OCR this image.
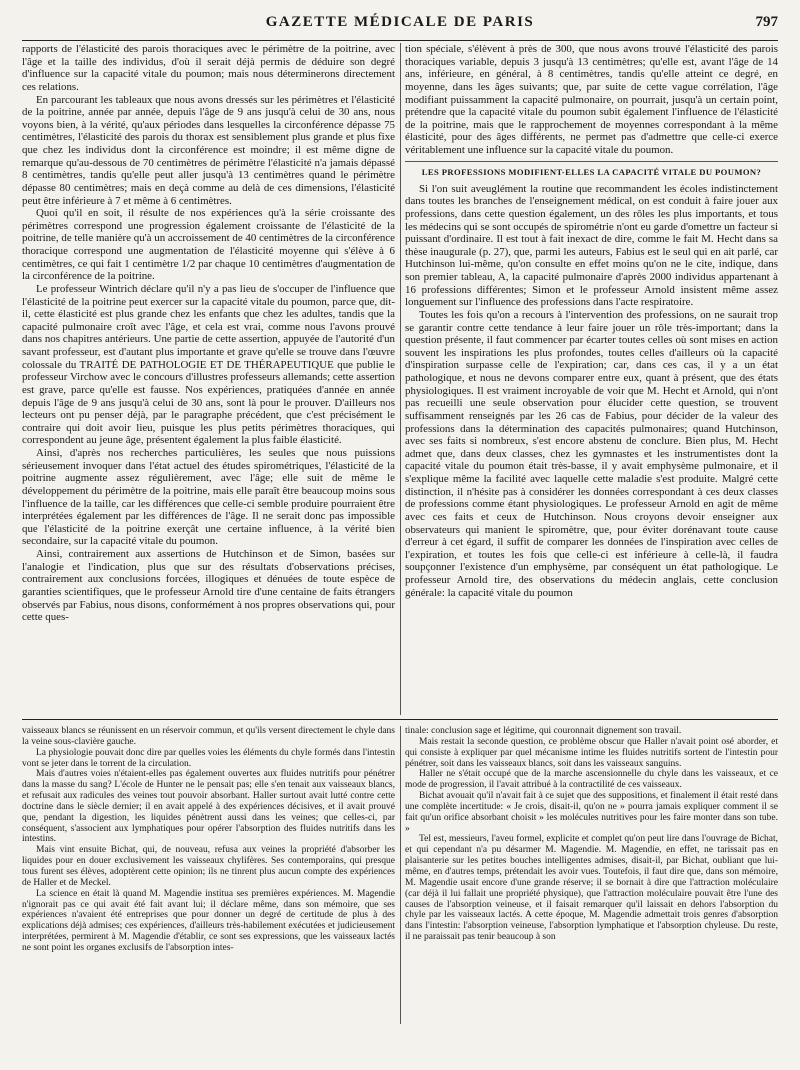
GAZETTE MÉDICALE DE PARIS	797

rapports de l'élasticité des parois thoraciques avec le périmètre de la poitrine, avec l'âge et la taille des individus, d'où il serait déjà permis de déduire son degré d'influence sur la capacité vitale du poumon; mais nous déterminerons directement ces relations.

En parcourant les tableaux que nous avons dressés sur les périmètres et l'élasticité de la poitrine, année par année, depuis l'âge de 9 ans jusqu'à celui de 30 ans, nous voyons bien, à la vérité, qu'aux périodes dans lesquelles la circonférence dépasse 75 centimètres, l'élasticité des parois du thorax est sensiblement plus grande et plus fixe que chez les individus dont la circonférence est moindre; il est même digne de remarque qu'au-dessous de 70 centimètres de périmètre l'élasticité n'a jamais dépassé 8 centimètres, tandis qu'elle peut aller jusqu'à 13 centimètres quand le périmètre dépasse 80 centimètres; mais en deçà comme au delà de ces dimensions, l'élasticité peut être inférieure à 7 et même à 6 centimètres.

Quoi qu'il en soit, il résulte de nos expériences qu'à la série croissante des périmètres correspond une progression également croissante de l'élasticité de la poitrine, de telle manière qu'à un accroissement de 40 centimètres de la circonférence thoracique correspond une augmentation de l'élasticité moyenne qui s'élève à 6 centimètres, ce qui fait 1 centimètre 1/2 par chaque 10 centimètres d'augmentation de la circonférence de la poitrine.

Le professeur Wintrich déclare qu'il n'y a pas lieu de s'occuper de l'influence que l'élasticité de la poitrine peut exercer sur la capacité vitale du poumon, parce que, dit-il, cette élasticité est plus grande chez les enfants que chez les adultes, tandis que la capacité pulmonaire croît avec l'âge, et cela est vrai, comme nous l'avons prouvé dans nos chapitres antérieurs. Une partie de cette assertion, appuyée de l'autorité d'un savant professeur, est d'autant plus importante et grave qu'elle se trouve dans l'œuvre colossale du TRAITÉ DE PATHOLOGIE ET DE THÉRAPEUTIQUE que publie le professeur Virchow avec le concours d'illustres professeurs allemands; cette assertion est grave, parce qu'elle est fausse. Nos expériences, pratiquées d'année en année depuis l'âge de 9 ans jusqu'à celui de 30 ans, sont là pour le prouver. D'ailleurs nos lecteurs ont pu penser déjà, par le paragraphe précédent, que c'est précisément le contraire qui doit avoir lieu, puisque les plus petits périmètres thoraciques, qui correspondent au jeune âge, présentent également la plus faible élasticité.

Ainsi, d'après nos recherches particulières, les seules que nous puissions sérieusement invoquer dans l'état actuel des études spirométriques, l'élasticité de la poitrine augmente assez régulièrement, avec l'âge; elle suit de même le développement du périmètre de la poitrine, mais elle paraît être beaucoup moins sous l'influence de la taille, car les différences que celle-ci semble produire pourraient être interprétées également par les différences de l'âge. Il ne serait donc pas impossible que l'élasticité de la poitrine exerçât une certaine influence, à la vérité bien secondaire, sur la capacité vitale du poumon.

Ainsi, contrairement aux assertions de Hutchinson et de Simon, basées sur l'analogie et l'indication, plus que sur des résultats d'observations précises, contrairement aux conclusions forcées, illogiques et dénuées de toute espèce de garanties scientifiques, que le professeur Arnold tire d'une centaine de faits étrangers observés par Fabius, nous disons, conformément à nos propres observations qui, pour cette ques-

tion spéciale, s'élèvent à près de 300, que nous avons trouvé l'élasticité des parois thoraciques variable, depuis 3 jusqu'à 13 centimètres; qu'elle est, avant l'âge de 14 ans, inférieure, en général, à 8 centimètres, tandis qu'elle atteint ce degré, en moyenne, dans les âges suivants; que, par suite de cette vague corrélation, l'âge modifiant puissamment la capacité pulmonaire, on pourrait, jusqu'à un certain point, prétendre que la capacité vitale du poumon subit également l'influence de l'élasticité de la poitrine, mais que le rapprochement de moyennes correspondant à la même élasticité, pour des âges différents, ne permet pas d'admettre que celle-ci exerce véritablement une influence sur la capacité vitale du poumon.

LES PROFESSIONS MODIFIENT-ELLES LA CAPACITÉ VITALE DU POUMON?

Si l'on suit aveuglément la routine que recommandent les écoles indistinctement dans toutes les branches de l'enseignement médical, on est conduit à faire jouer aux professions, dans cette question également, un des rôles les plus importants, et tous les médecins qui se sont occupés de spirométrie n'ont eu garde d'omettre un facteur si puissant d'ordinaire. Il est tout à fait inexact de dire, comme le fait M. Hecht dans sa thèse inaugurale (p. 27), que, parmi les auteurs, Fabius est le seul qui en ait parlé, car Hutchinson lui-même, qu'on consulte en effet moins qu'on ne le cite, indique, dans son premier tableau, A, la capacité pulmonaire d'après 2000 individus appartenant à 16 professions différentes; Simon et le professeur Arnold insistent même assez longuement sur l'influence des professions dans l'acte respiratoire.

Toutes les fois qu'on a recours à l'intervention des professions, on ne saurait trop se garantir contre cette tendance à leur faire jouer un rôle très-important; dans la question présente, il faut commencer par écarter toutes celles où sont mises en action souvent les inspirations les plus profondes, toutes celles d'ailleurs où la capacité d'inspiration surpasse celle de l'expiration; car, dans ces cas, il y a un état pathologique, et nous ne devons comparer entre eux, quant à présent, que des états physiologiques. Il est vraiment incroyable de voir que M. Hecht et Arnold, qui n'ont pas recueilli une seule observation pour élucider cette question, se trouvent suffisamment renseignés par les 26 cas de Fabius, pour décider de la valeur des professions dans la détermination des capacités pulmonaires; quand Hutchinson, avec ses faits si nombreux, s'est encore abstenu de conclure. Bien plus, M. Hecht admet que, dans deux classes, chez les gymnastes et les instrumentistes dont la capacité vitale du poumon était très-basse, il y avait emphysème pulmonaire, et il s'explique même la facilité avec laquelle cette maladie s'est produite. Malgré cette distinction, il n'hésite pas à considérer les données correspondant à ces deux classes de professions comme étant physiologiques. Le professeur Arnold en agit de même avec ces faits et ceux de Hutchinson. Nous croyons devoir enseigner aux observateurs qui manient le spiromètre, que, pour éviter dorénavant toute cause d'erreur à cet égard, il suffit de comparer les données de l'inspiration avec celles de l'expiration, et toutes les fois que celle-ci est inférieure à celle-là, il faudra soupçonner l'existence d'un emphysème, par conséquent un état pathologique. Le professeur Arnold tire, des observations du médecin anglais, cette conclusion générale: la capacité vitale du poumon

vaisseaux blancs se réunissent en un réservoir commun, et qu'ils versent directement le chyle dans la veine sous-clavière gauche.

La physiologie pouvait donc dire par quelles voies les éléments du chyle formés dans l'intestin vont se jeter dans le torrent de la circulation.

Mais d'autres voies n'étaient-elles pas également ouvertes aux fluides nutritifs pour pénétrer dans la masse du sang? L'école de Hunter ne le pensait pas; elle s'en tenait aux vaisseaux blancs, et refusait aux radicules des veines tout pouvoir absorbant. Haller surtout avait lutté contre cette doctrine dans le siècle dernier; il en avait appelé à des expériences décisives, et il avait prouvé que, pendant la digestion, les liquides pénètrent aussi dans les veines; que celles-ci, par conséquent, s'associent aux lymphatiques pour opérer l'absorption des fluides nutritifs dans les intestins.

Mais vint ensuite Bichat, qui, de nouveau, refusa aux veines la propriété d'absorber les liquides pour en douer exclusivement les vaisseaux chylifères. Ses contemporains, qui presque tous furent ses élèves, adoptèrent cette opinion; ils ne tinrent plus aucun compte des expériences de Haller et de Meckel.

La science en était là quand M. Magendie institua ses premières expériences. M. Magendie n'ignorait pas ce qui avait été fait avant lui; il déclare même, dans son mémoire, que ses expériences n'avaient été entreprises que pour donner un degré de certitude de plus à des explications déjà admises; ces expériences, d'ailleurs très-habilement exécutées et judicieusement interprétées, permirent à M. Magendie d'établir, ce sont ses expressions, que les vaisseaux lactés ne sont point les organes exclusifs de l'absorption intes-

tinale: conclusion sage et légitime, qui couronnait dignement son travail.

Mais restait la seconde question, ce problème obscur que Haller n'avait point osé aborder, et qui consiste à expliquer par quel mécanisme intime les fluides nutritifs sortent de l'intestin pour pénétrer, soit dans les vaisseaux blancs, soit dans les vaisseaux sanguins.

Haller ne s'était occupé que de la marche ascensionnelle du chyle dans les vaisseaux, et ce mode de progression, il l'avait attribué à la contractilité de ces vaisseaux.

Bichat avouait qu'il n'avait fait à ce sujet que des suppositions, et finalement il était resté dans une complète incertitude: « Je crois, disait-il, qu'on ne » pourra jamais expliquer comment il se fait qu'un orifice absorbant choisit » les molécules nutritives pour les faire monter dans son tube. »

Tel est, messieurs, l'aveu formel, explicite et complet qu'on peut lire dans l'ouvrage de Bichat, et qui cependant n'a pu désarmer M. Magendie. M. Magendie, en effet, ne tarissait pas en plaisanterie sur les petites bouches intelligentes admises, disait-il, par Bichat, oubliant que lui-même, en d'autres temps, prétendait les avoir vues. Toutefois, il faut dire que, dans son mémoire, M. Magendie usait encore d'une grande réserve; il se bornait à dire que l'attraction moléculaire (car déjà il lui fallait une propriété physique), que l'attraction moléculaire pouvait être l'une des causes de l'absorption veineuse, et il faisait remarquer qu'il laissait en dehors l'absorption du chyle par les vaisseaux lactés. A cette époque, M. Magendie admettait trois genres d'absorption dans l'intestin: l'absorption veineuse, l'absorption lymphatique et l'absorption chyleuse. Du reste, il ne paraissait pas tenir beaucoup à son
